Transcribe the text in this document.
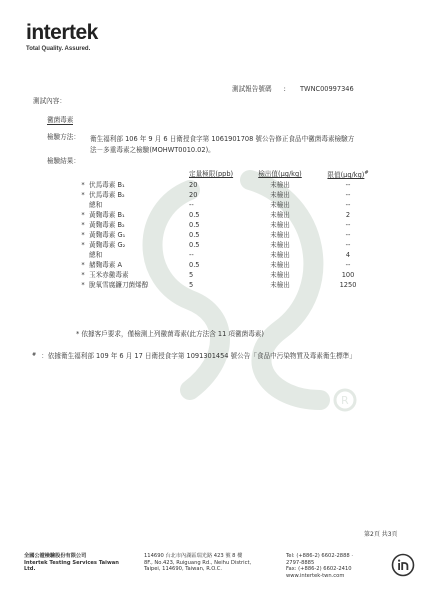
intertek
Total Quality. Assured.
R
測試報告號碼 : TWNC00997346
測試內容：
黴菌毒素
檢驗方法： 衛生福利部 106 年 9 月 6 日衛授食字第 1061901708 號公告修正食品中黴菌毒素檢驗方法－多重毒素之檢驗(MOHWT0010.02)。
檢驗結果：
		定量極限(ppb)	檢出值(μg/kg)	限值(μg/kg)#
*	伏馬毒素 B₁	20	未檢出	--
*	伏馬毒素 B₂	20	未檢出	--
	總和	--	未檢出	--
*	黃麴毒素 B₁	0.5	未檢出	2
*	黃麴毒素 B₂	0.5	未檢出	--
*	黃麴毒素 G₁	0.5	未檢出	--
*	黃麴毒素 G₂	0.5	未檢出	--
	總和	--	未檢出	4
*	赭麴毒素 A	0.5	未檢出	--
*	玉米赤黴毒素	5	未檢出	100
*	脫氧雪腐鐮刀菌烯醇	5	未檢出	1250
* 依據客戶要求，僅檢測上列黴菌毒素(此方法含 11 項黴菌毒素)
# ：依據衛生福利部 109 年 6 月 17 日衛授食字第 1091301454 號公告「食品中污染物質及毒素衛生標準」
第2頁 共3頁
全國公證檢驗股份有限公司
Intertek Testing Services Taiwan Ltd.
114690 台北市內湖區瑞光路 423 號 8 樓
8F., No.423, Ruiguang Rd., Neihu District,
Taipei, 114690, Taiwan, R.O.C.
Tel: (+886-2) 6602-2888 · 2797-8885
Fax: (+886-2) 6602-2410
www.intertek-twn.com
